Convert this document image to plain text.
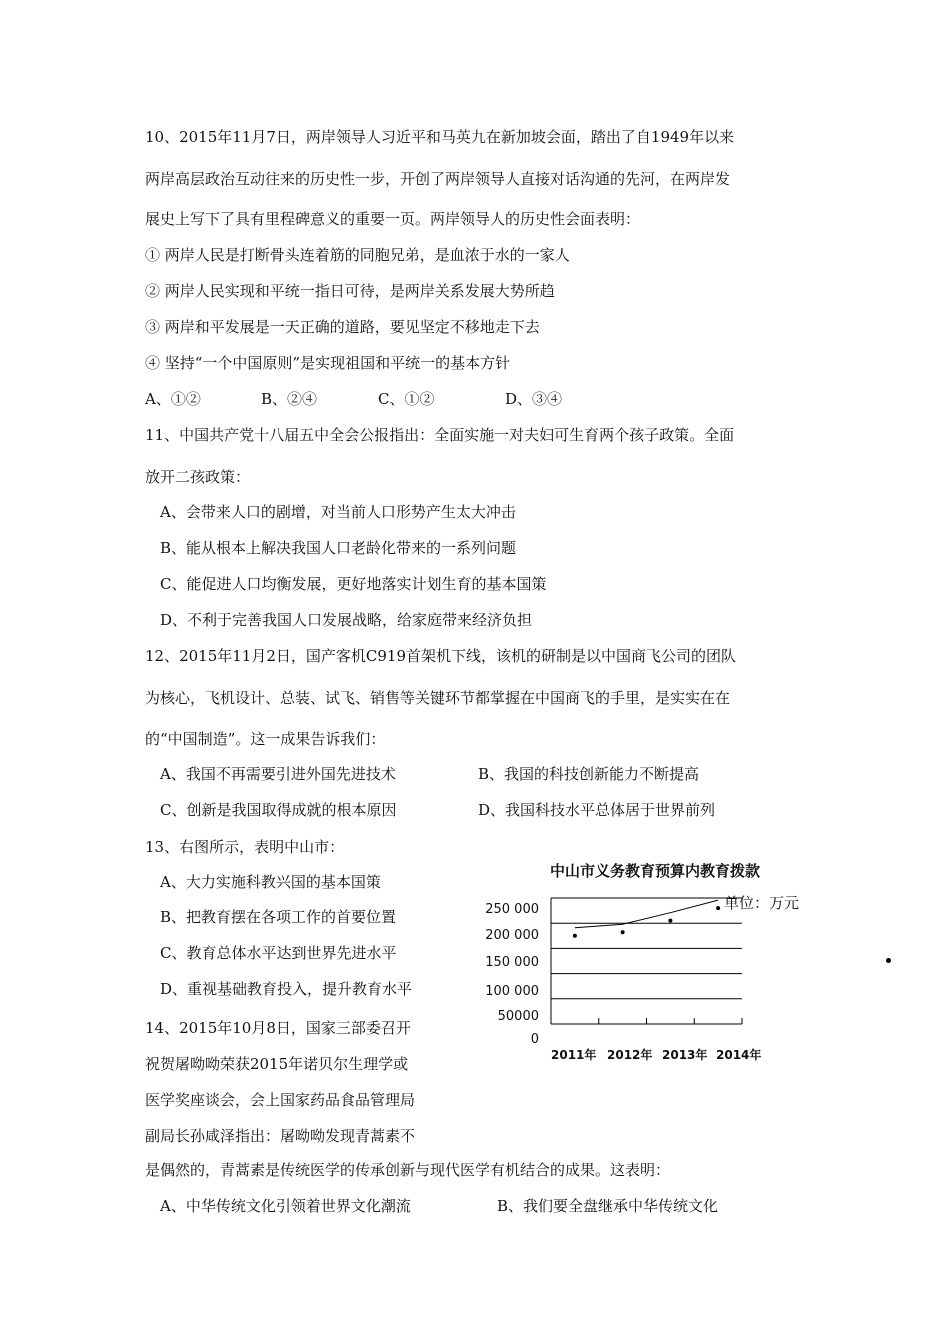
10、2015年11月7日，两岸领导人习近平和马英九在新加坡会面，踏出了自1949年以来
两岸高层政治互动往来的历史性一步，开创了两岸领导人直接对话沟通的先河，在两岸发
展史上写下了具有里程碑意义的重要一页。两岸领导人的历史性会面表明：
① 两岸人民是打断骨头连着筋的同胞兄弟，是血浓于水的一家人
② 两岸人民实现和平统一指日可待，是两岸关系发展大势所趋
③ 两岸和平发展是一天正确的道路，要见坚定不移地走下去
④ 坚持“一个中国原则”是实现祖国和平统一的基本方针
A、①②	B、②④	C、①②	D、③④
11、中国共产党十八届五中全会公报指出：全面实施一对夫妇可生育两个孩子政策。全面
放开二孩政策：
A、会带来人口的剧增，对当前人口形势产生太大冲击
B、能从根本上解决我国人口老龄化带来的一系列问题
C、能促进人口均衡发展，更好地落实计划生育的基本国策
D、不利于完善我国人口发展战略，给家庭带来经济负担
12、2015年11月2日，国产客机C919首架机下线，该机的研制是以中国商飞公司的团队
为核心，飞机设计、总装、试飞、销售等关键环节都掌握在中国商飞的手里，是实实在在
的“中国制造”。这一成果告诉我们：
A、我国不再需要引进外国先进技术	B、我国的科技创新能力不断提高
C、创新是我国取得成就的根本原因	D、我国科技水平总体居于世界前列
13、右图所示，表明中山市：
A、大力实施科教兴国的基本国策
B、把教育摆在各项工作的首要位置
C、教育总体水平达到世界先进水平
D、重视基础教育投入，提升教育水平
中山市义务教育预算内教育拨款
单位：万元
250 000
200 000
150 000
100 000
50000
0
2011年 2012年 2013年 2014年
14、2015年10月8日，国家三部委召开
祝贺屠呦呦荣获2015年诺贝尔生理学或
医学奖座谈会，会上国家药品食品管理局
副局长孙咸泽指出：屠呦呦发现青蒿素不
是偶然的，青蒿素是传统医学的传承创新与现代医学有机结合的成果。这表明：
A、中华传统文化引领着世界文化潮流	B、我们要全盘继承中华传统文化
